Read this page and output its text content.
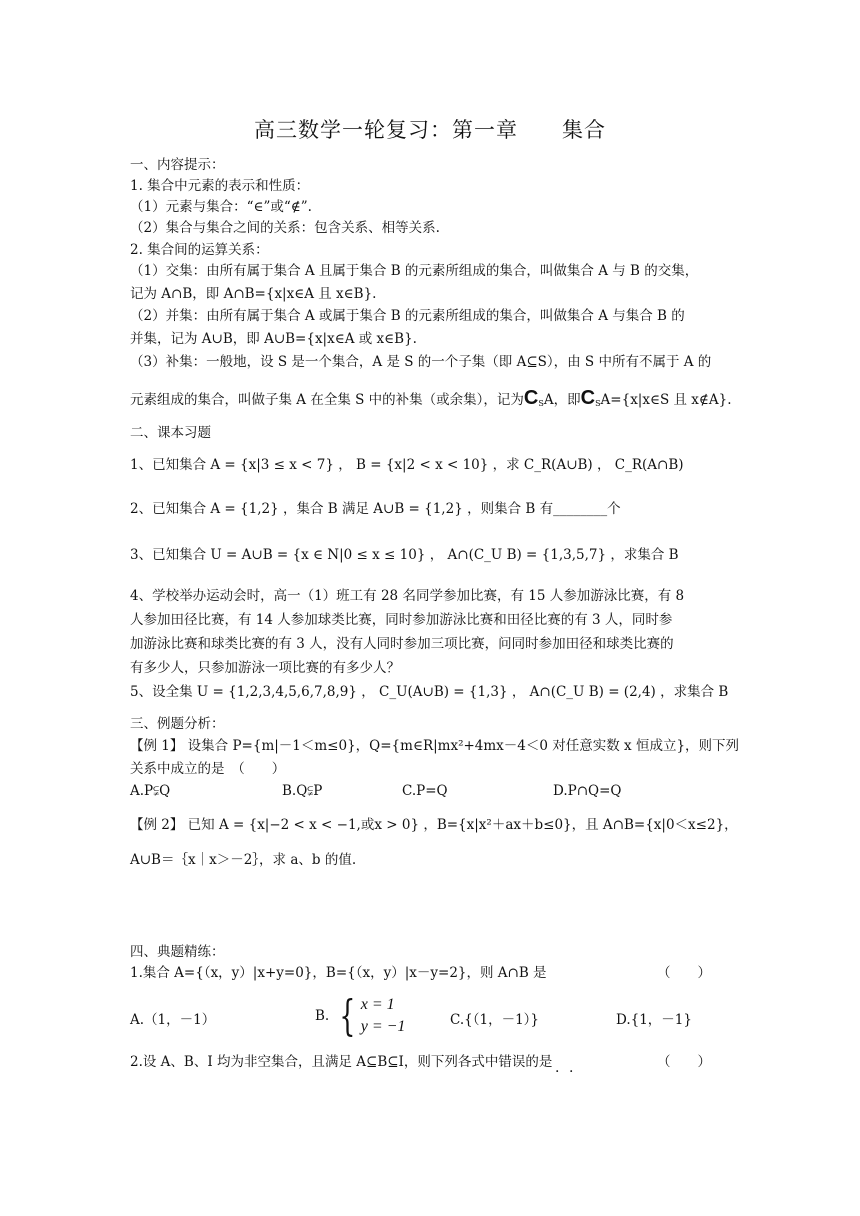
高三数学一轮复习：第一章　　集合
一、内容提示：
1. 集合中元素的表示和性质：
（1）元素与集合：“∈”或“∉”.
（2）集合与集合之间的关系：包含关系、相等关系.
2. 集合间的运算关系：
（1）交集：由所有属于集合 A 且属于集合 B 的元素所组成的集合，叫做集合 A 与 B 的交集，
记为 A∩B，即 A∩B={x|x∈A 且 x∈B}.
（2）并集：由所有属于集合 A 或属于集合 B 的元素所组成的集合，叫做集合 A 与集合 B 的
并集，记为 A∪B，即 A∪B={x|x∈A 或 x∈B}.
（3）补集：一般地，设 S 是一个集合，A 是 S 的一个子集（即 A⊆S），由 S 中所有不属于 A 的
元素组成的集合，叫做子集 A 在全集 S 中的补集（或余集），记为$C_SA$，即$C_SA=\{x|x\in S$ 且 x∉A}.
二、课本习题
1、已知集合 A = {x|3 ≤ x < 7} ， B = {x|2 < x < 10} ，求 C_R(A∪B) ， C_R(A∩B)
2、已知集合 A = {1,2} ，集合 B 满足 A∪B = {1,2} ，则集合 B 有________个
3、已知集合 U = A∪B = {x ∈ N|0 ≤ x ≤ 10} ， A∩(C_U B) = {1,3,5,7} ，求集合 B
4、学校举办运动会时，高一（1）班工有 28 名同学参加比赛，有 15 人参加游泳比赛，有 8
人参加田径比赛，有 14 人参加球类比赛，同时参加游泳比赛和田径比赛的有 3 人，同时参
加游泳比赛和球类比赛的有 3 人，没有人同时参加三项比赛，问同时参加田径和球类比赛的
有多少人，只参加游泳一项比赛的有多少人？
5、设全集 U = {1,2,3,4,5,6,7,8,9} ， C_U(A∪B) = {1,3} ， A∩(C_U B) = (2,4) ，求集合 B
三、例题分析：
【例 1】 设集合 P={m|－1＜m≤0}，Q={m∈R|mx²+4mx－4＜0 对任意实数 x 恒成立}，则下列
关系中成立的是　（　　）
A.P⫋Q	B.Q⫋P	C.P=Q	D.P∩Q=Q
【例 2】 已知 A = {x|−2 < x < −1,或x > 0} ，B={x|x²＋ax＋b≤0}，且 A∩B={x|0＜x≤2}，
A∪B＝｛x｜x＞－2｝，求 a、b 的值.
四、典题精练：
1.集合 A={（x，y）|x+y=0}，B={（x，y）|x－y=2}，则 A∩B 是	（　　）
A.（1，－1）	B.	C.{（1，－1）}	D.{1，－1}
{ x = 1
y = −1
2.设 A、B、I 均为非空集合，且满足 A⊆B⊆I，则下列各式中错误的是	（　　）
· ·
